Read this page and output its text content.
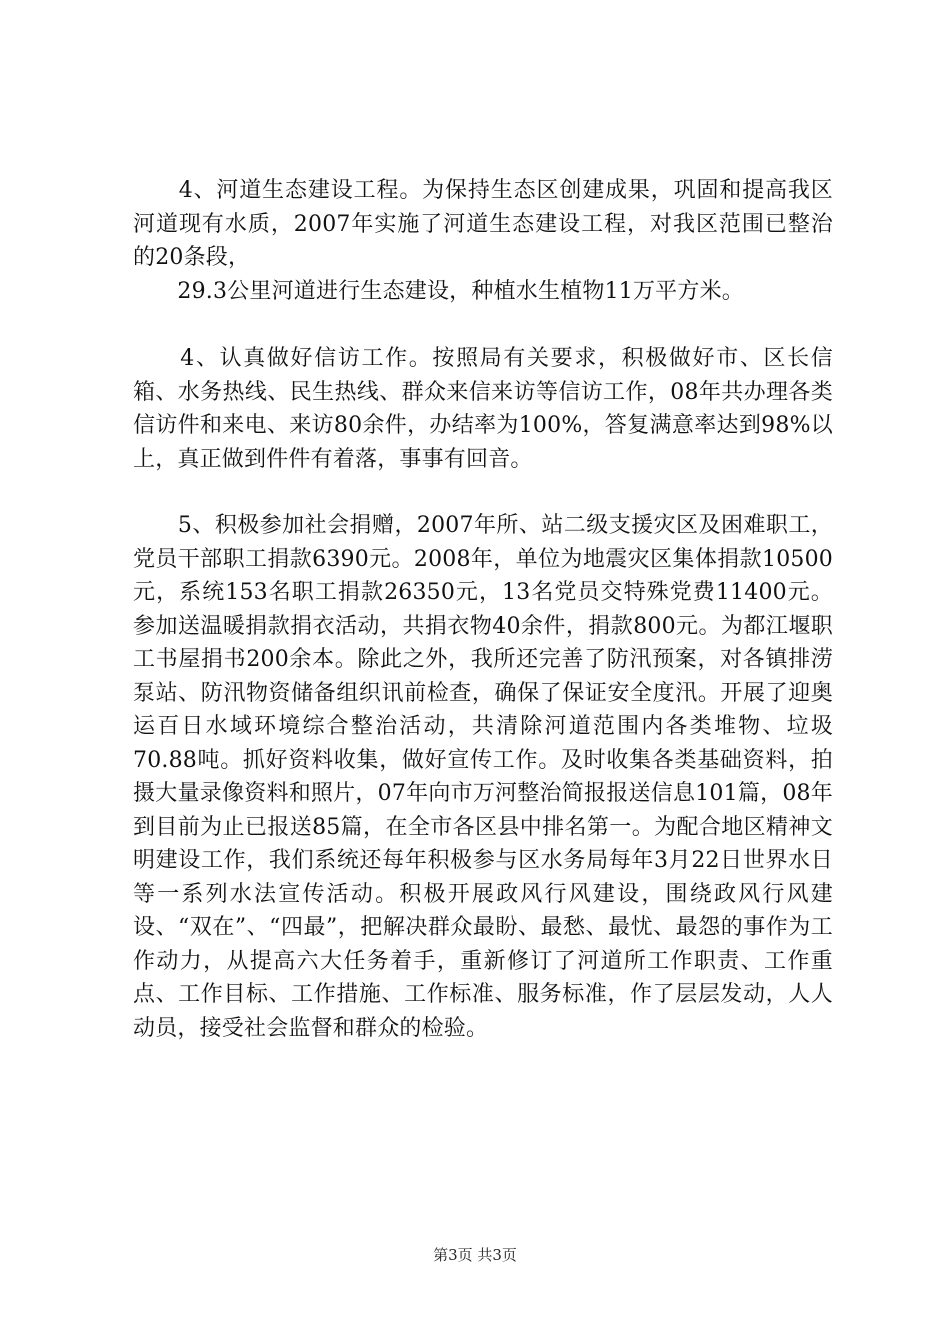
　　4、河道生态建设工程。为保持生态区创建成果，巩固和提高我区河道现有水质，2007年实施了河道生态建设工程，对我区范围已整治的20条段，

　　29.3公里河道进行生态建设，种植水生植物11万平方米。

　　4、认真做好信访工作。按照局有关要求，积极做好市、区长信箱、水务热线、民生热线、群众来信来访等信访工作，08年共办理各类信访件和来电、来访80余件，办结率为100%，答复满意率达到98%以上，真正做到件件有着落，事事有回音。

　　5、积极参加社会捐赠，2007年所、站二级支援灾区及困难职工，党员干部职工捐款6390元。2008年，单位为地震灾区集体捐款10500元，系统153名职工捐款26350元，13名党员交特殊党费11400元。参加送温暖捐款捐衣活动，共捐衣物40余件，捐款800元。为都江堰职工书屋捐书200余本。除此之外，我所还完善了防汛预案，对各镇排涝泵站、防汛物资储备组织讯前检查，确保了保证安全度汛。开展了迎奥运百日水域环境综合整治活动，共清除河道范围内各类堆物、垃圾70.88吨。抓好资料收集，做好宣传工作。及时收集各类基础资料，拍摄大量录像资料和照片，07年向市万河整治简报报送信息101篇，08年到目前为止已报送85篇，在全市各区县中排名第一。为配合地区精神文明建设工作，我们系统还每年积极参与区水务局每年3月22日世界水日等一系列水法宣传活动。积极开展政风行风建设，围绕政风行风建设、“双在”、“四最”，把解决群众最盼、最愁、最忧、最怨的事作为工作动力，从提高六大任务着手，重新修订了河道所工作职责、工作重点、工作目标、工作措施、工作标准、服务标准，作了层层发动，人人动员，接受社会监督和群众的检验。

第3页 共3页
